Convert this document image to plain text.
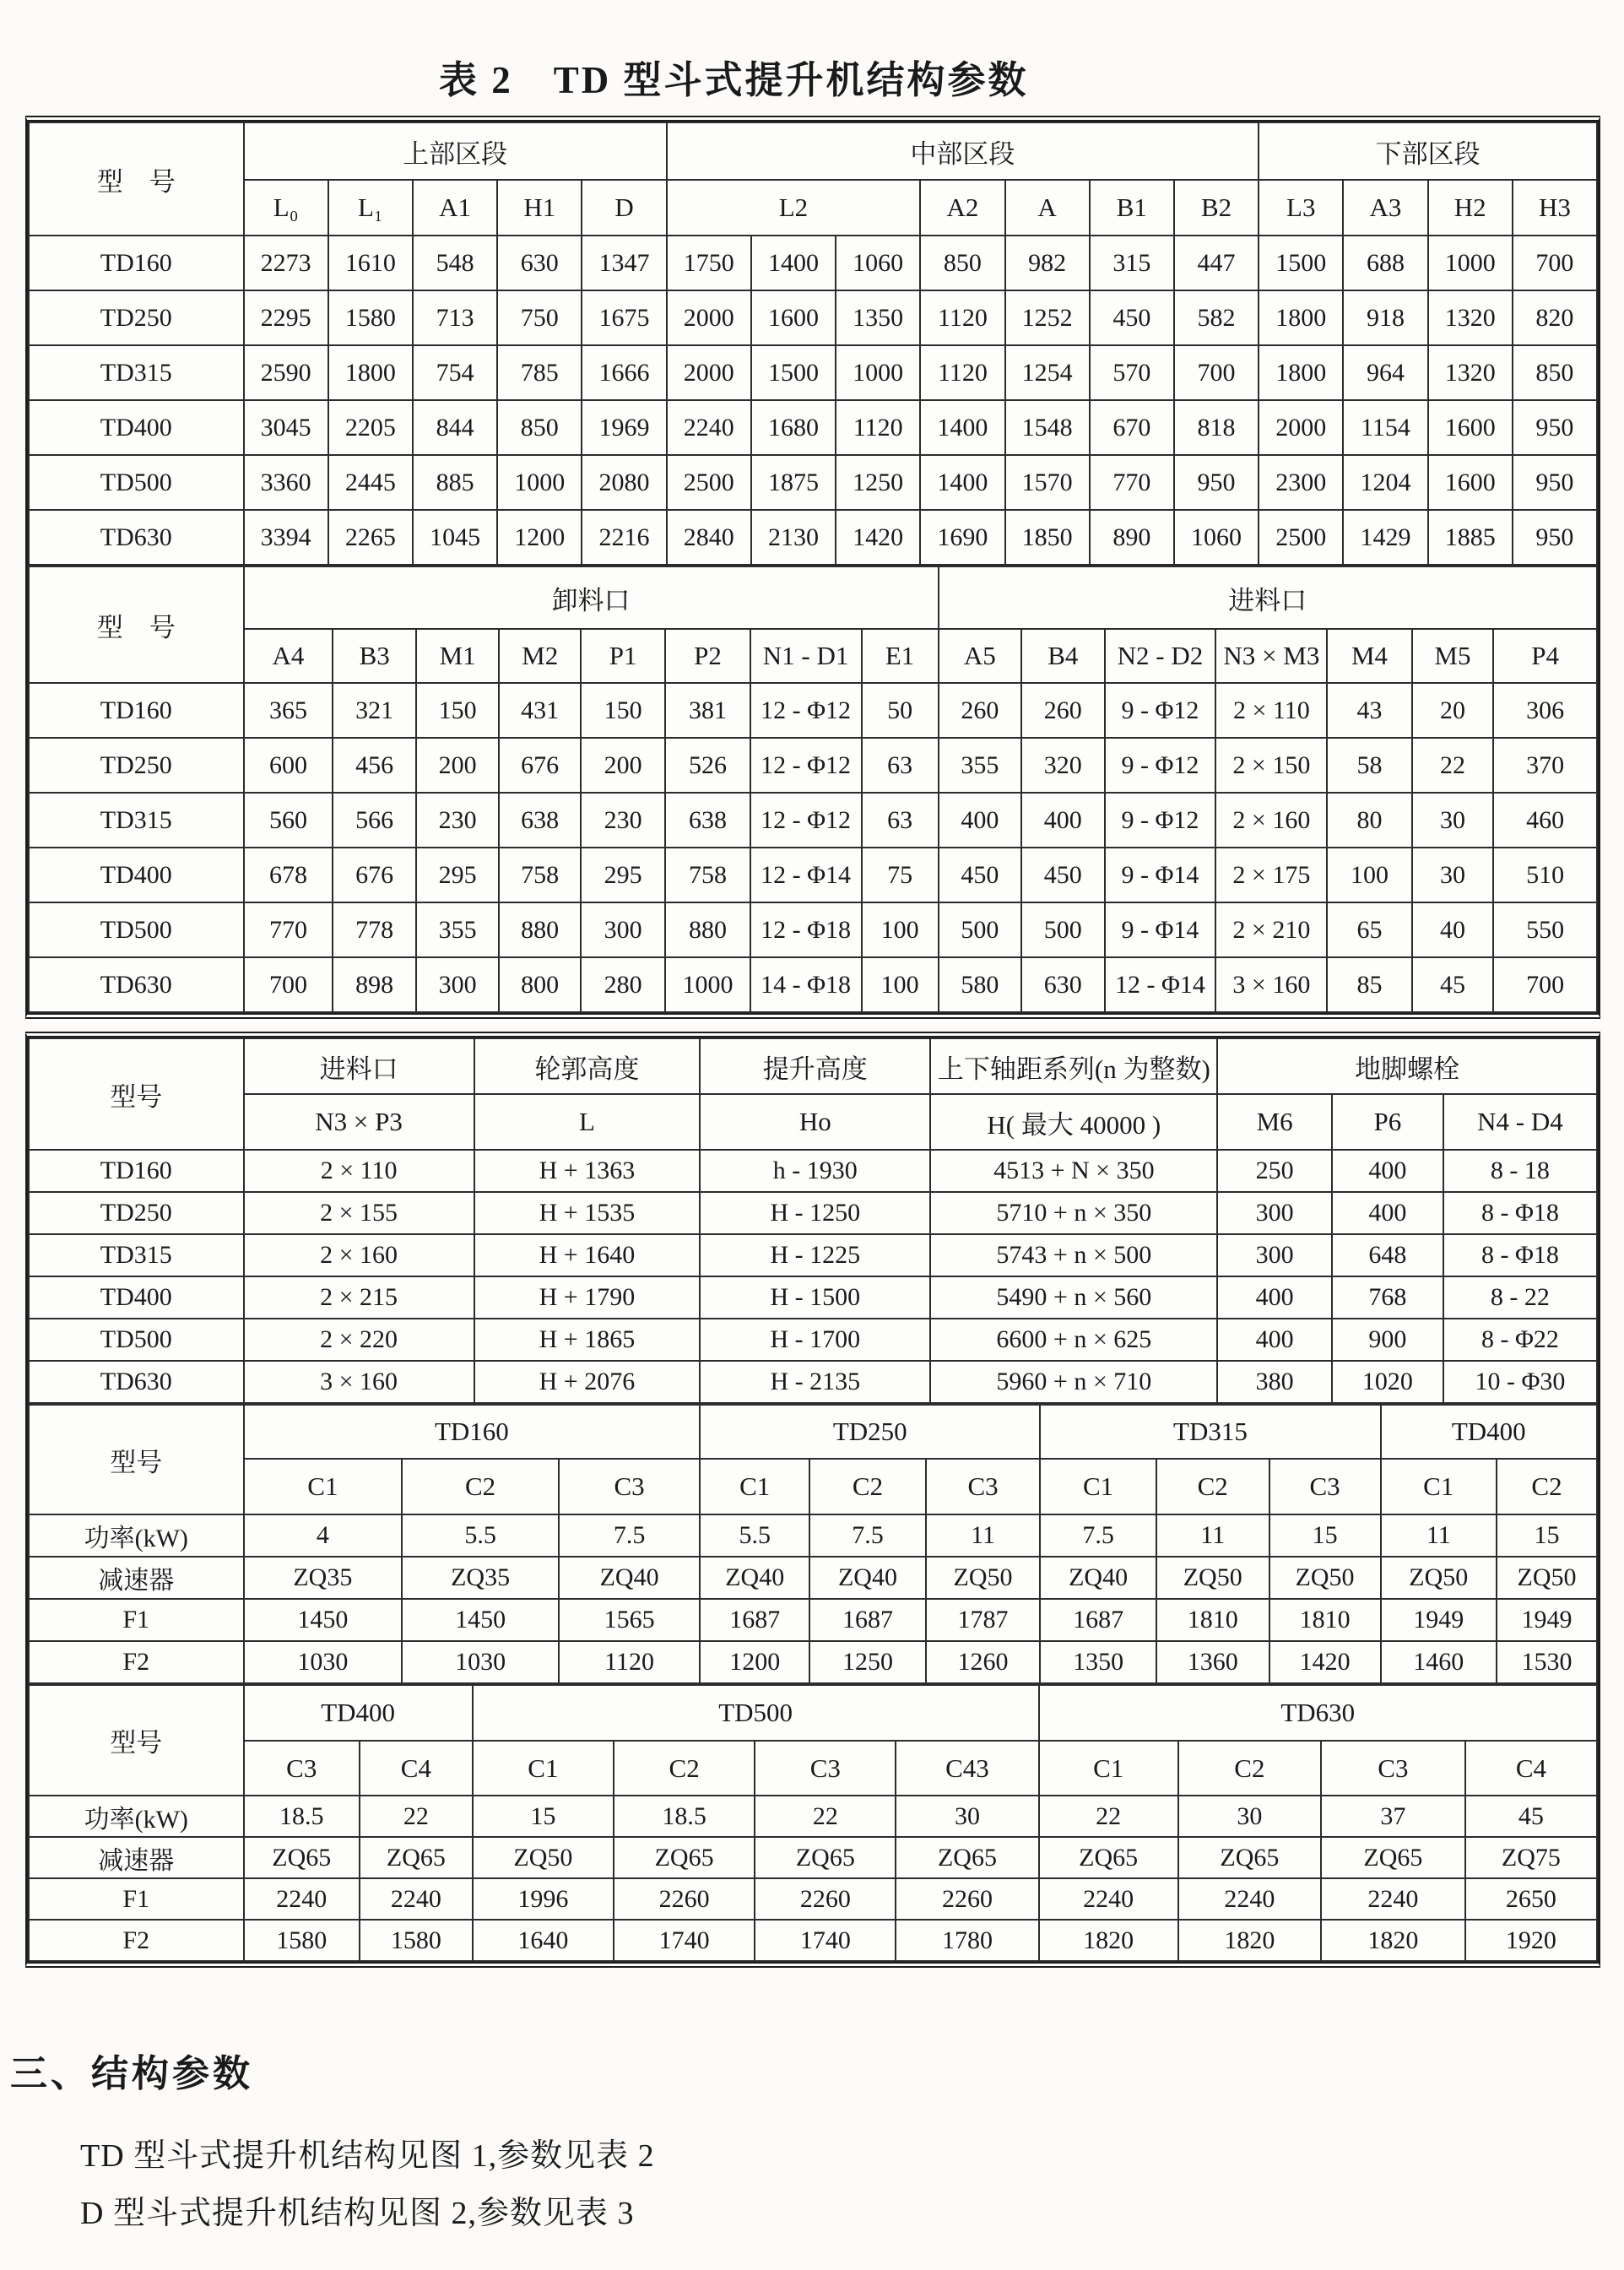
表 2　TD 型斗式提升机结构参数
型　号	上部区段					中部区段							下部区段			
	L₀	L₁	A1	H1	D	L2			A2	A	B1	B2	L3	A3	H2	H3
TD160	2273	1610	548	630	1347	1750	1400	1060	850	982	315	447	1500	688	1000	700
TD250	2295	1580	713	750	1675	2000	1600	1350	1120	1252	450	582	1800	918	1320	820
TD315	2590	1800	754	785	1666	2000	1500	1000	1120	1254	570	700	1800	964	1320	850
TD400	3045	2205	844	850	1969	2240	1680	1120	1400	1548	670	818	2000	1154	1600	950
TD500	3360	2445	885	1000	2080	2500	1875	1250	1400	1570	770	950	2300	1204	1600	950
TD630	3394	2265	1045	1200	2216	2840	2130	1420	1690	1850	890	1060	2500	1429	1885	950
型　号	卸料口								进料口						
	A4	B3	M1	M2	P1	P2	N1 - D1	E1	A5	B4	N2 - D2	N3 × M3	M4	M5	P4
TD160	365	321	150	431	150	381	12 - Φ12	50	260	260	9 - Φ12	2 × 110	43	20	306
TD250	600	456	200	676	200	526	12 - Φ12	63	355	320	9 - Φ12	2 × 150	58	22	370
TD315	560	566	230	638	230	638	12 - Φ12	63	400	400	9 - Φ12	2 × 160	80	30	460
TD400	678	676	295	758	295	758	12 - Φ14	75	450	450	9 - Φ14	2 × 175	100	30	510
TD500	770	778	355	880	300	880	12 - Φ18	100	500	500	9 - Φ14	2 × 210	65	40	550
TD630	700	898	300	800	280	1000	14 - Φ18	100	580	630	12 - Φ14	3 × 160	85	45	700
型号	进料口	轮郭高度	提升高度	上下轴距系列(n 为整数)	地脚螺栓		
	N3 × P3	L	Ho	H( 最大 40000 )	M6	P6	N4 - D4
TD160	2 × 110	H + 1363	h - 1930	4513 + N × 350	250	400	8 - 18
TD250	2 × 155	H + 1535	H - 1250	5710 + n × 350	300	400	8 - Φ18
TD315	2 × 160	H + 1640	H - 1225	5743 + n × 500	300	648	8 - Φ18
TD400	2 × 215	H + 1790	H - 1500	5490 + n × 560	400	768	8 - 22
TD500	2 × 220	H + 1865	H - 1700	6600 + n × 625	400	900	8 - Φ22
TD630	3 × 160	H + 2076	H - 2135	5960 + n × 710	380	1020	10 - Φ30
型号	TD160			TD250			TD315			TD400	
	C1	C2	C3	C1	C2	C3	C1	C2	C3	C1	C2
功率(kW)	4	5.5	7.5	5.5	7.5	11	7.5	11	15	11	15
减速器	ZQ35	ZQ35	ZQ40	ZQ40	ZQ40	ZQ50	ZQ40	ZQ50	ZQ50	ZQ50	ZQ50
F1	1450	1450	1565	1687	1687	1787	1687	1810	1810	1949	1949
F2	1030	1030	1120	1200	1250	1260	1350	1360	1420	1460	1530
型号	TD400		TD500				TD630			
	C3	C4	C1	C2	C3	C43	C1	C2	C3	C4
功率(kW)	18.5	22	15	18.5	22	30	22	30	37	45
减速器	ZQ65	ZQ65	ZQ50	ZQ65	ZQ65	ZQ65	ZQ65	ZQ65	ZQ65	ZQ75
F1	2240	2240	1996	2260	2260	2260	2240	2240	2240	2650
F2	1580	1580	1640	1740	1740	1780	1820	1820	1820	1920
三、结构参数
TD 型斗式提升机结构见图 1,参数见表 2
D 型斗式提升机结构见图 2,参数见表 3
